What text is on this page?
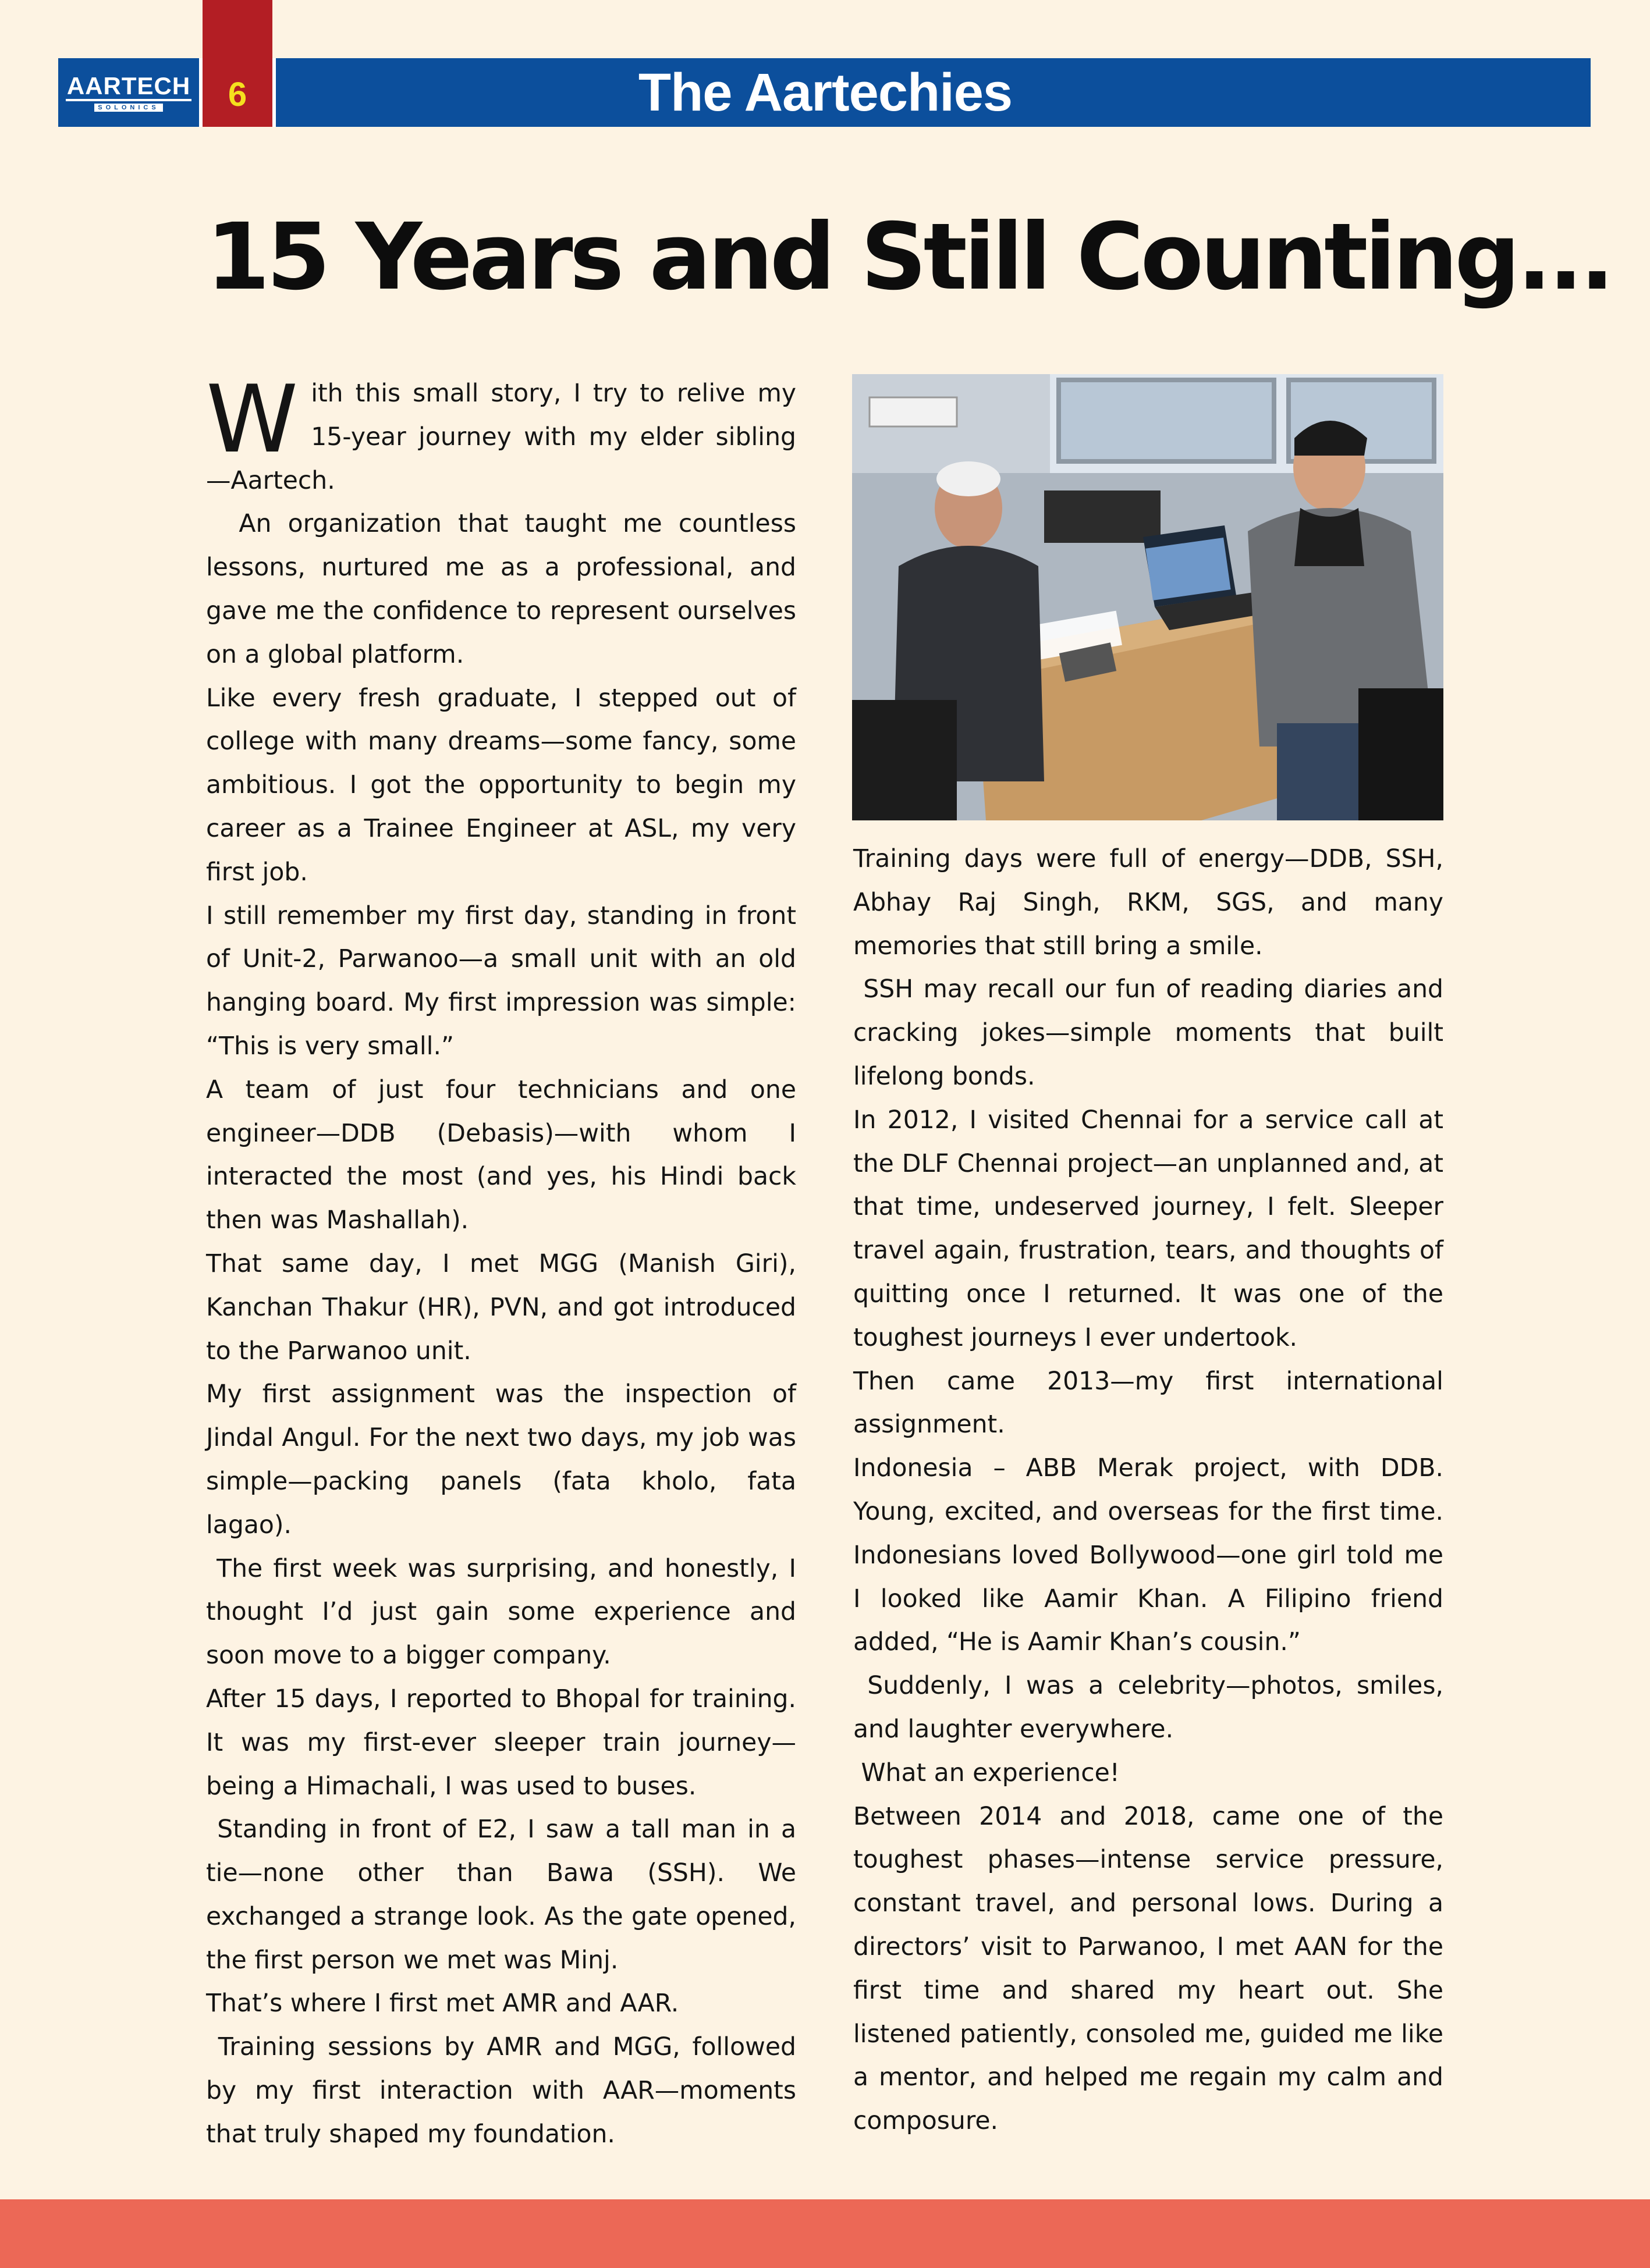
AARTECH
SOLONICS	6	The Aartechies
15 Years and Still Counting...
W ith this small story, I try to relive my 15-year journey with my elder sibling—Aartech.

An organization that taught me countless lessons, nurtured me as a professional, and gave me the confidence to represent ourselves on a global platform.

Like every fresh graduate, I stepped out of college with many dreams—some fancy, some ambitious. I got the opportunity to begin my career as a Trainee Engineer at ASL, my very first job.

I still remember my first day, standing in front of Unit-2, Parwanoo—a small unit with an old hanging board. My first impression was simple: “This is very small.”

A team of just four technicians and one engineer—DDB (Debasis)—with whom I interacted the most (and yes, his Hindi back then was Mashallah).

That same day, I met MGG (Manish Giri), Kanchan Thakur (HR), PVN, and got introduced to the Parwanoo unit.

My first assignment was the inspection of Jindal Angul. For the next two days, my job was simple—packing panels (fata kholo, fata lagao).

The first week was surprising, and honestly, I thought I’d just gain some experience and soon move to a bigger company.

After 15 days, I reported to Bhopal for training. It was my first-ever sleeper train journey—being a Himachali, I was used to buses.

Standing in front of E2, I saw a tall man in a tie—none other than Bawa (SSH). We exchanged a strange look. As the gate opened, the first person we met was Minj.

That’s where I first met AMR and AAR.

Training sessions by AMR and MGG, followed by my first interaction with AAR—moments that truly shaped my foundation.

Training days were full of energy—DDB, SSH, Abhay Raj Singh, RKM, SGS, and many memories that still bring a smile.

SSH may recall our fun of reading diaries and cracking jokes—simple moments that built lifelong bonds.

In 2012, I visited Chennai for a service call at the DLF Chennai project—an unplanned and, at that time, undeserved journey, I felt. Sleeper travel again, frustration, tears, and thoughts of quitting once I returned. It was one of the toughest journeys I ever undertook.

Then came 2013—my first international assignment.

Indonesia – ABB Merak project, with DDB. Young, excited, and overseas for the first time. Indonesians loved Bollywood—one girl told me I looked like Aamir Khan. A Filipino friend added, “He is Aamir Khan’s cousin.”

Suddenly, I was a celebrity—photos, smiles, and laughter everywhere.

What an experience!

Between 2014 and 2018, came one of the toughest phases—intense service pressure, constant travel, and personal lows. During a directors’ visit to Parwanoo, I met AAN for the first time and shared my heart out. She listened patiently, consoled me, guided me like a mentor, and helped me regain my calm and composure.
